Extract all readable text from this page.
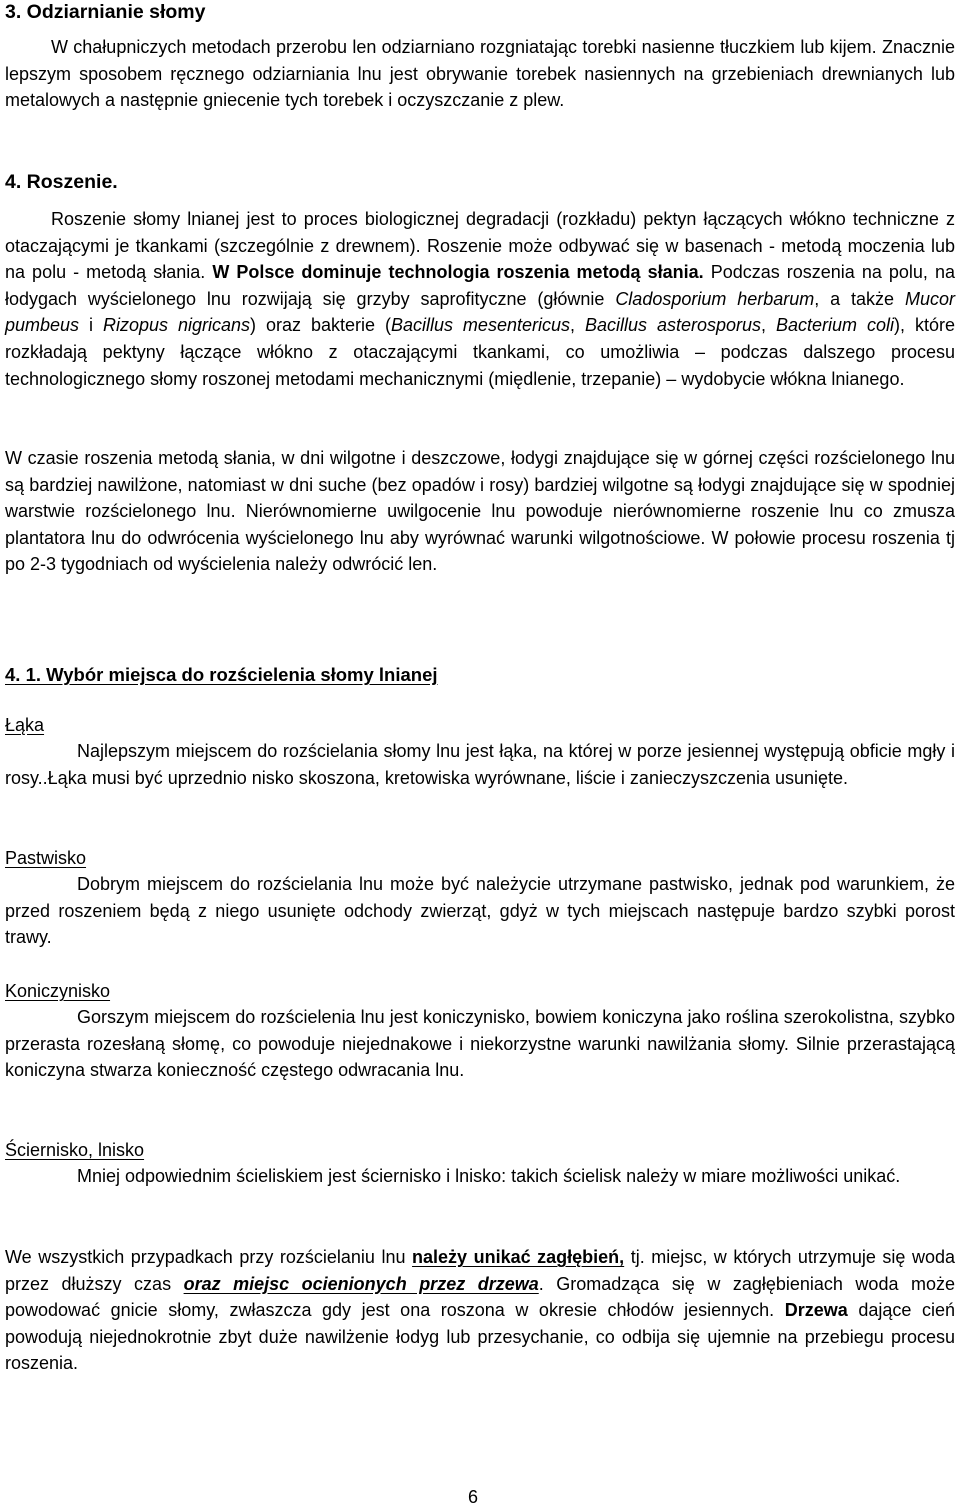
3. Odziarnianie słomy

W chałupniczych metodach przerobu len odziarniano rozgniatając torebki nasienne tłuczkiem lub kijem. Znacznie lepszym sposobem ręcznego odziarniania lnu jest obrywanie torebek nasiennych na grzebieniach drewnianych lub metalowych a następnie gniecenie tych torebek i oczyszczanie z plew.

4. Roszenie.

Roszenie słomy lnianej jest to proces biologicznej degradacji (rozkładu) pektyn łączących włókno techniczne z otaczającymi je tkankami (szczególnie z drewnem). Roszenie może odbywać się w basenach - metodą moczenia lub na polu - metodą słania. W Polsce dominuje technologia roszenia metodą słania. Podczas roszenia na polu, na łodygach wyścielonego lnu rozwijają się grzyby saprofityczne (głównie Cladosporium herbarum, a także Mucor pumbeus i Rizopus nigricans) oraz bakterie (Bacillus mesentericus, Bacillus asterosporus, Bacterium coli), które rozkładają pektyny łączące włókno z otaczającymi tkankami, co umożliwia – podczas dalszego procesu technologicznego słomy roszonej metodami mechanicznymi (międlenie, trzepanie) – wydobycie włókna lnianego.

W czasie roszenia metodą słania, w dni wilgotne i deszczowe, łodygi znajdujące się w górnej części rozścielonego lnu są bardziej nawilżone, natomiast w dni suche (bez opadów i rosy) bardziej wilgotne są łodygi znajdujące się w spodniej warstwie rozścielonego lnu. Nierównomierne uwilgocenie lnu powoduje nierównomierne roszenie lnu co zmusza plantatora lnu do odwrócenia wyścielonego lnu aby wyrównać warunki wilgotnościowe. W połowie procesu roszenia tj po 2-3 tygodniach od wyścielenia należy odwrócić len.

4. 1. Wybór miejsca do rozścielenia słomy lnianej
Łąka

Najlepszym miejscem do rozścielania słomy lnu jest łąka, na której w porze jesiennej występują obficie mgły i rosy..Łąka musi być uprzednio nisko skoszona, kretowiska wyrównane, liście i zanieczyszczenia usunięte.

Pastwisko

Dobrym miejscem do rozścielania lnu może być należycie utrzymane pastwisko, jednak pod warunkiem, że przed roszeniem będą z niego usunięte odchody zwierząt, gdyż w tych miejscach następuje bardzo szybki porost trawy.

Koniczynisko

Gorszym miejscem do rozścielenia lnu jest koniczynisko, bowiem koniczyna jako roślina szerokolistna, szybko przerasta rozesłaną słomę, co powoduje niejednakowe i niekorzystne warunki nawilżania słomy. Silnie przerastającą koniczyna stwarza konieczność częstego odwracania lnu.

Ściernisko, lnisko

Mniej odpowiednim ścieliskiem jest ściernisko i lnisko: takich ścielisk należy w miare możliwości unikać.

We wszystkich przypadkach przy rozścielaniu lnu należy unikać zagłębień, tj. miejsc, w których utrzymuje się woda przez dłuższy czas oraz miejsc ocienionych przez drzewa. Gromadząca się w zagłębieniach woda może powodować gnicie słomy, zwłaszcza gdy jest ona roszona w okresie chłodów jesiennych. Drzewa dające cień powodują niejednokrotnie zbyt duże nawilżenie łodyg lub przesychanie, co odbija się ujemnie na przebiegu procesu roszenia.

6
